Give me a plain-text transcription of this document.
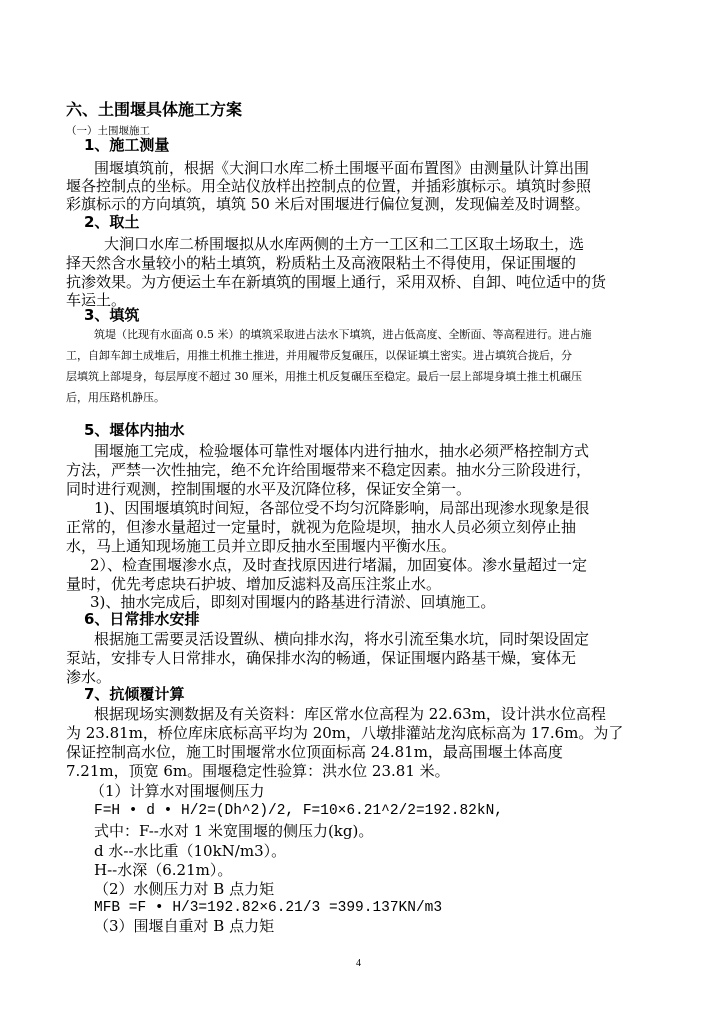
六、土围堰具体施工方案
（一）土围堰施工
1、施工测量
围堰填筑前，根据《大涧口水库二桥土围堰平面布置图》由测量队计算出围
堰各控制点的坐标。用全站仪放样出控制点的位置，并插彩旗标示。填筑时参照
彩旗标示的方向填筑，填筑 50 米后对围堰进行偏位复测，发现偏差及时调整。
2、取土
大涧口水库二桥围堰拟从水库两侧的土方一工区和二工区取土场取土，选
择天然含水量较小的粘土填筑，粉质粘土及高液限粘土不得使用，保证围堰的
抗渗效果。为方便运土车在新填筑的围堰上通行，采用双桥、自卸、吨位适中的货
车运土。
3、填筑
筑堤（比现有水面高 0.5 米）的填筑采取进占法水下填筑，进占低高度、全断面、等高程进行。进占施
工，自卸车卸土成堆后，用推土机推土推进，并用履带反复碾压，以保证填土密实。进占填筑合拢后，分
层填筑上部堤身，每层厚度不超过 30 厘米，用推土机反复碾压至稳定。最后一层上部堤身填土推土机碾压
后，用压路机静压。
5、堰体内抽水
围堰施工完成，检验堰体可靠性对堰体内进行抽水，抽水必须严格控制方式
方法，严禁一次性抽完，绝不允许给围堰带来不稳定因素。抽水分三阶段进行，
同时进行观测，控制围堰的水平及沉降位移，保证安全第一。
1)、因围堰填筑时间短，各部位受不均匀沉降影响，局部出现渗水现象是很
正常的，但渗水量超过一定量时，就视为危险堤坝，抽水人员必须立刻停止抽
水，马上通知现场施工员并立即反抽水至围堰内平衡水压。
2）、检查围堰渗水点，及时查找原因进行堵漏，加固宴体。渗水量超过一定
量时，优先考虑块石护坡、增加反滤料及高压注浆止水。
3)、抽水完成后，即刻对围堰内的路基进行清淤、回填施工。
6、日常排水安排
根据施工需要灵活设置纵、横向排水沟，将水引流至集水坑，同时架设固定
泵站，安排专人日常排水，确保排水沟的畅通，保证围堰内路基干燥，宴体无
渗水。
7、抗倾覆计算
根据现场实测数据及有关资料：库区常水位高程为 22.63m，设计洪水位高程
为 23.81m，桥位库床底标高平均为 20m，八墩排灌站龙沟底标高为 17.6m。为了
保证控制高水位，施工时围堰常水位顶面标高 24.81m，最高围堰土体高度
7.21m，顶宽 6m。围堰稳定性验算：洪水位 23.81 米。
（1）计算水对围堰侧压力
F=H • d • H/2=(Dh^2)/2, F=10×6.21^2/2=192.82kN,
式中：F--水对 1 米宽围堰的侧压力(kg)。
d 水--水比重（10kN/m3）。
H--水深（6.21m）。
（2）水侧压力对 B 点力矩
MFB =F • H/3=192.82×6.21/3 =399.137KN/m3
（3）围堰自重对 B 点力矩
4
